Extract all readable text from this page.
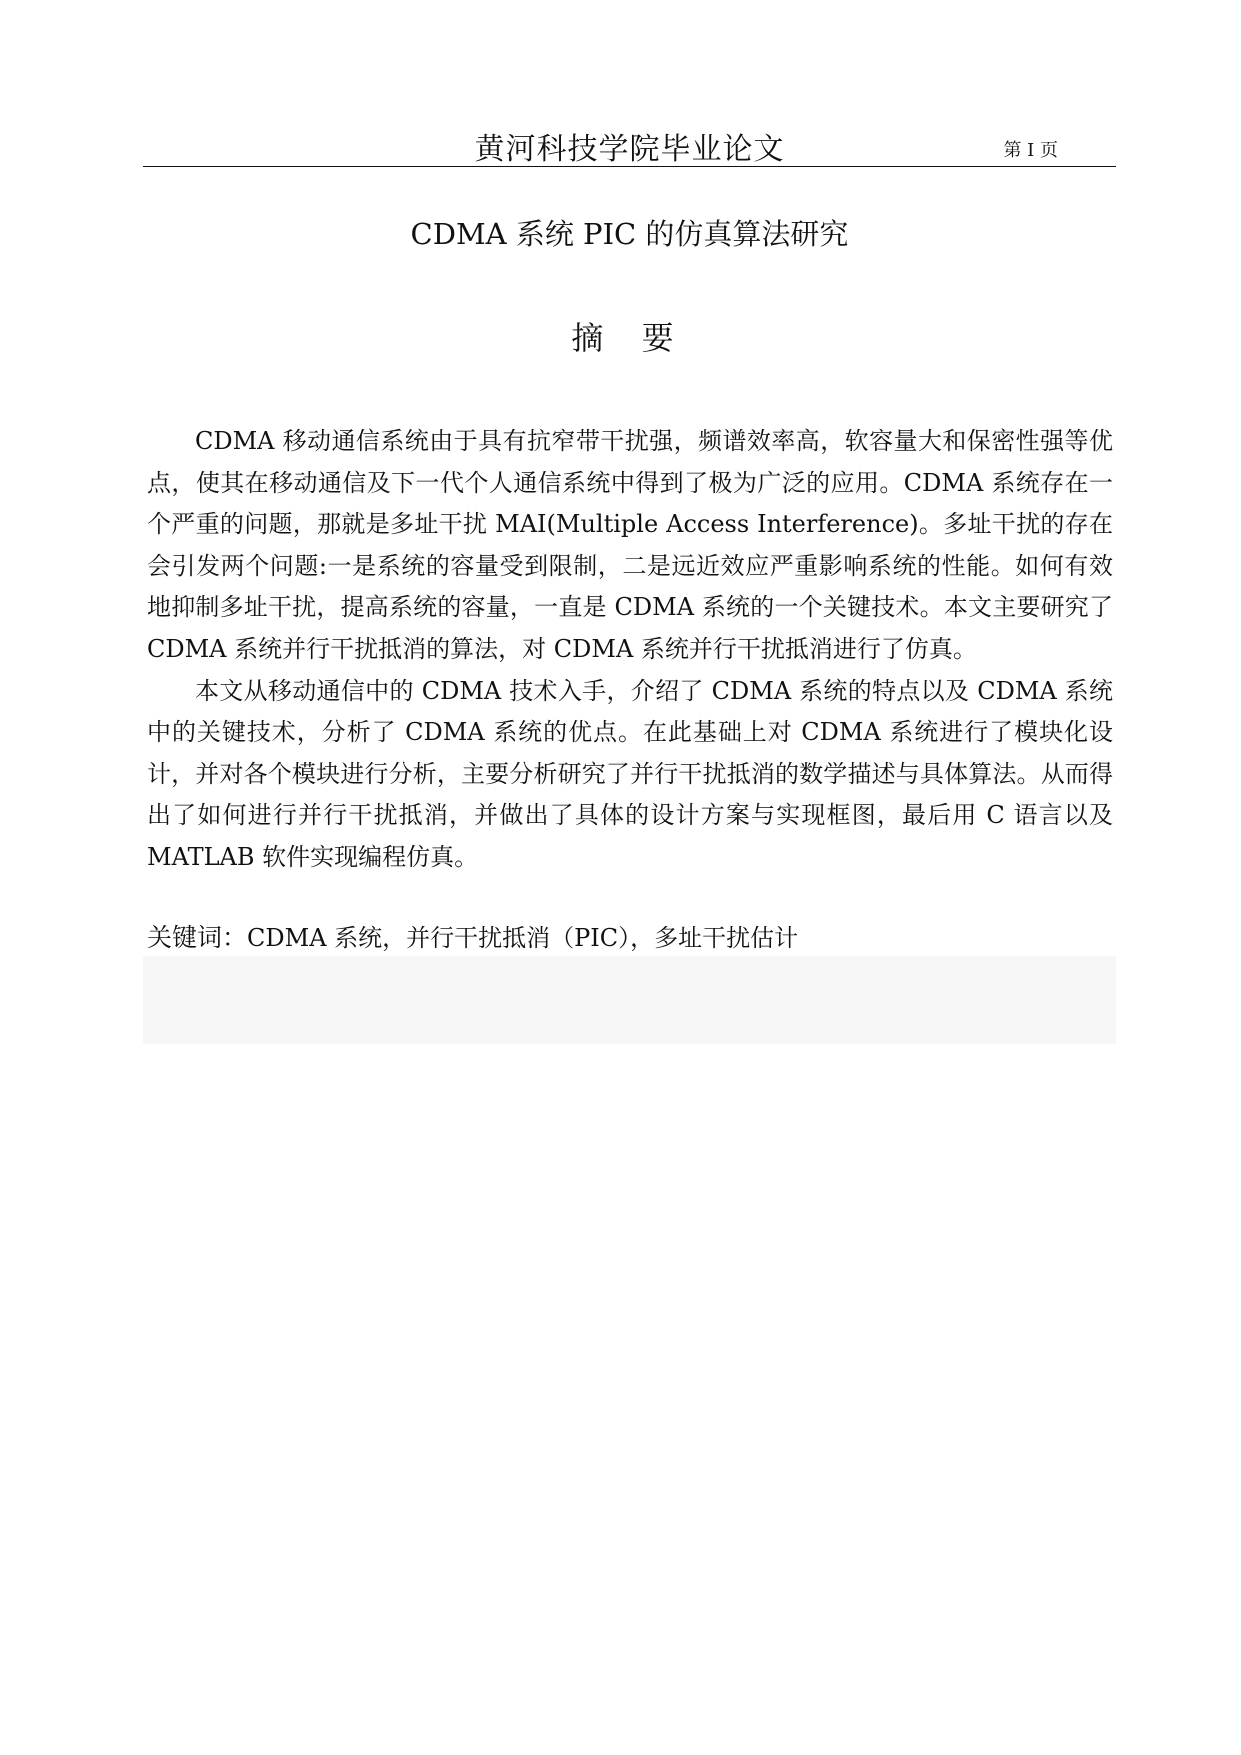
黄河科技学院毕业论文	第 I 页
CDMA 系统 PIC 的仿真算法研究
摘 要

CDMA 移动通信系统由于具有抗窄带干扰强，频谱效率高，软容量大和保密性强等优点，使其在移动通信及下一代个人通信系统中得到了极为广泛的应用。CDMA 系统存在一个严重的问题，那就是多址干扰 MAI(Multiple Access Interference)。多址干扰的存在会引发两个问题:一是系统的容量受到限制，二是远近效应严重影响系统的性能。如何有效地抑制多址干扰，提高系统的容量，一直是 CDMA 系统的一个关键技术。本文主要研究了 CDMA 系统并行干扰抵消的算法，对 CDMA 系统并行干扰抵消进行了仿真。

本文从移动通信中的 CDMA 技术入手，介绍了 CDMA 系统的特点以及 CDMA 系统中的关键技术，分析了 CDMA 系统的优点。在此基础上对 CDMA 系统进行了模块化设计，并对各个模块进行分析，主要分析研究了并行干扰抵消的数学描述与具体算法。从而得出了如何进行并行干扰抵消，并做出了具体的设计方案与实现框图，最后用 C 语言以及 MATLAB 软件实现编程仿真。

关键词：CDMA 系统，并行干扰抵消（PIC），多址干扰估计
